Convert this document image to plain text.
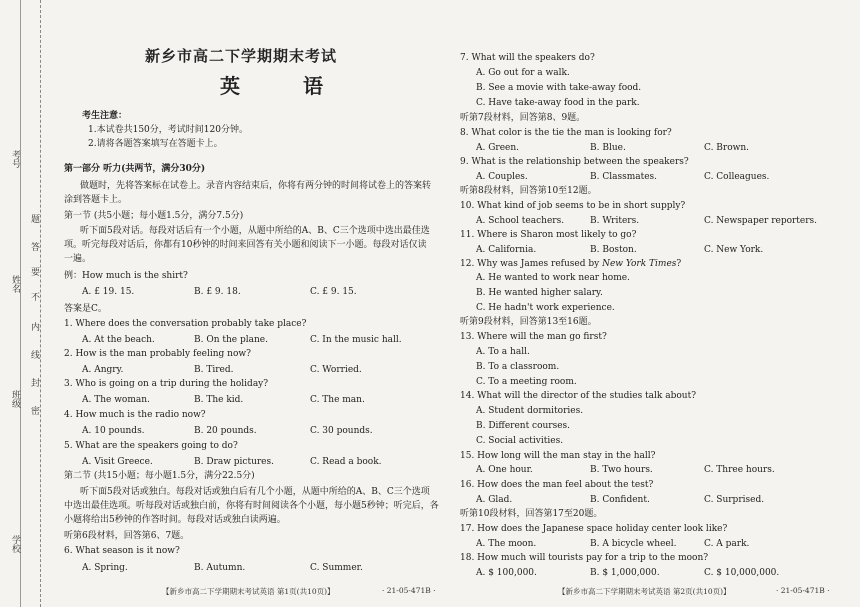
考号
姓名
班级
学校
题
答
要
不
内
线
封
密
新乡市高二下学期期末考试
英 语
考生注意：
1.本试卷共150分，考试时间120分钟。
2.请将各题答案填写在答题卡上。
第一部分 听力(共两节，满分30分)
做题时，先将答案标在试卷上。录音内容结束后，你将有两分钟的时间将试卷上的答案转
涂到答题卡上。
第一节 (共5小题；每小题1.5分，满分7.5分)
听下面5段对话。每段对话后有一个小题，从题中所给的A、B、C三个选项中选出最佳选
项。听完每段对话后，你都有10秒钟的时间来回答有关小题和阅读下一小题。每段对话仅读
一遍。
例：How much is the shirt?
A. £ 19. 15.	B. £ 9. 18.	C. £ 9. 15.
答案是C。
1. Where does the conversation probably take place?
A. At the beach.	B. On the plane.	C. In the music hall.
2. How is the man probably feeling now?
A. Angry.	B. Tired.	C. Worried.
3. Who is going on a trip during the holiday?
A. The woman.	B. The kid.	C. The man.
4. How much is the radio now?
A. 10 pounds.	B. 20 pounds.	C. 30 pounds.
5. What are the speakers going to do?
A. Visit Greece.	B. Draw pictures.	C. Read a book.
第二节 (共15小题；每小题1.5分，满分22.5分)
听下面5段对话或独白。每段对话或独白后有几个小题，从题中所给的A、B、C三个选项
中选出最佳选项。听每段对话或独白前，你将有时间阅读各个小题，每小题5秒钟；听完后，各
小题将给出5秒钟的作答时间。每段对话或独白读两遍。
听第6段材料，回答第6、7题。
6. What season is it now?
A. Spring.	B. Autumn.	C. Summer.
【新乡市高二下学期期末考试英语 第1页(共10页)】	· 21-05-471B ·
7. What will the speakers do?
A. Go out for a walk.
B. See a movie with take-away food.
C. Have take-away food in the park.
听第7段材料，回答第8、9题。
8. What color is the tie the man is looking for?
A. Green.	B. Blue.	C. Brown.
9. What is the relationship between the speakers?
A. Couples.	B. Classmates.	C. Colleagues.
听第8段材料，回答第10至12题。
10. What kind of job seems to be in short supply?
A. School teachers.	B. Writers.	C. Newspaper reporters.
11. Where is Sharon most likely to go?
A. California.	B. Boston.	C. New York.
12. Why was James refused by New York Times?
A. He wanted to work near home.
B. He wanted higher salary.
C. He hadn't work experience.
听第9段材料，回答第13至16题。
13. Where will the man go first?
A. To a hall.
B. To a classroom.
C. To a meeting room.
14. What will the director of the studies talk about?
A. Student dormitories.
B. Different courses.
C. Social activities.
15. How long will the man stay in the hall?
A. One hour.	B. Two hours.	C. Three hours.
16. How does the man feel about the test?
A. Glad.	B. Confident.	C. Surprised.
听第10段材料，回答第17至20题。
17. How does the Japanese space holiday center look like?
A. The moon.	B. A bicycle wheel.	C. A park.
18. How much will tourists pay for a trip to the moon?
A. $ 100,000.	B. $ 1,000,000.	C. $ 10,000,000.
【新乡市高二下学期期末考试英语 第2页(共10页)】	· 21-05-471B ·
